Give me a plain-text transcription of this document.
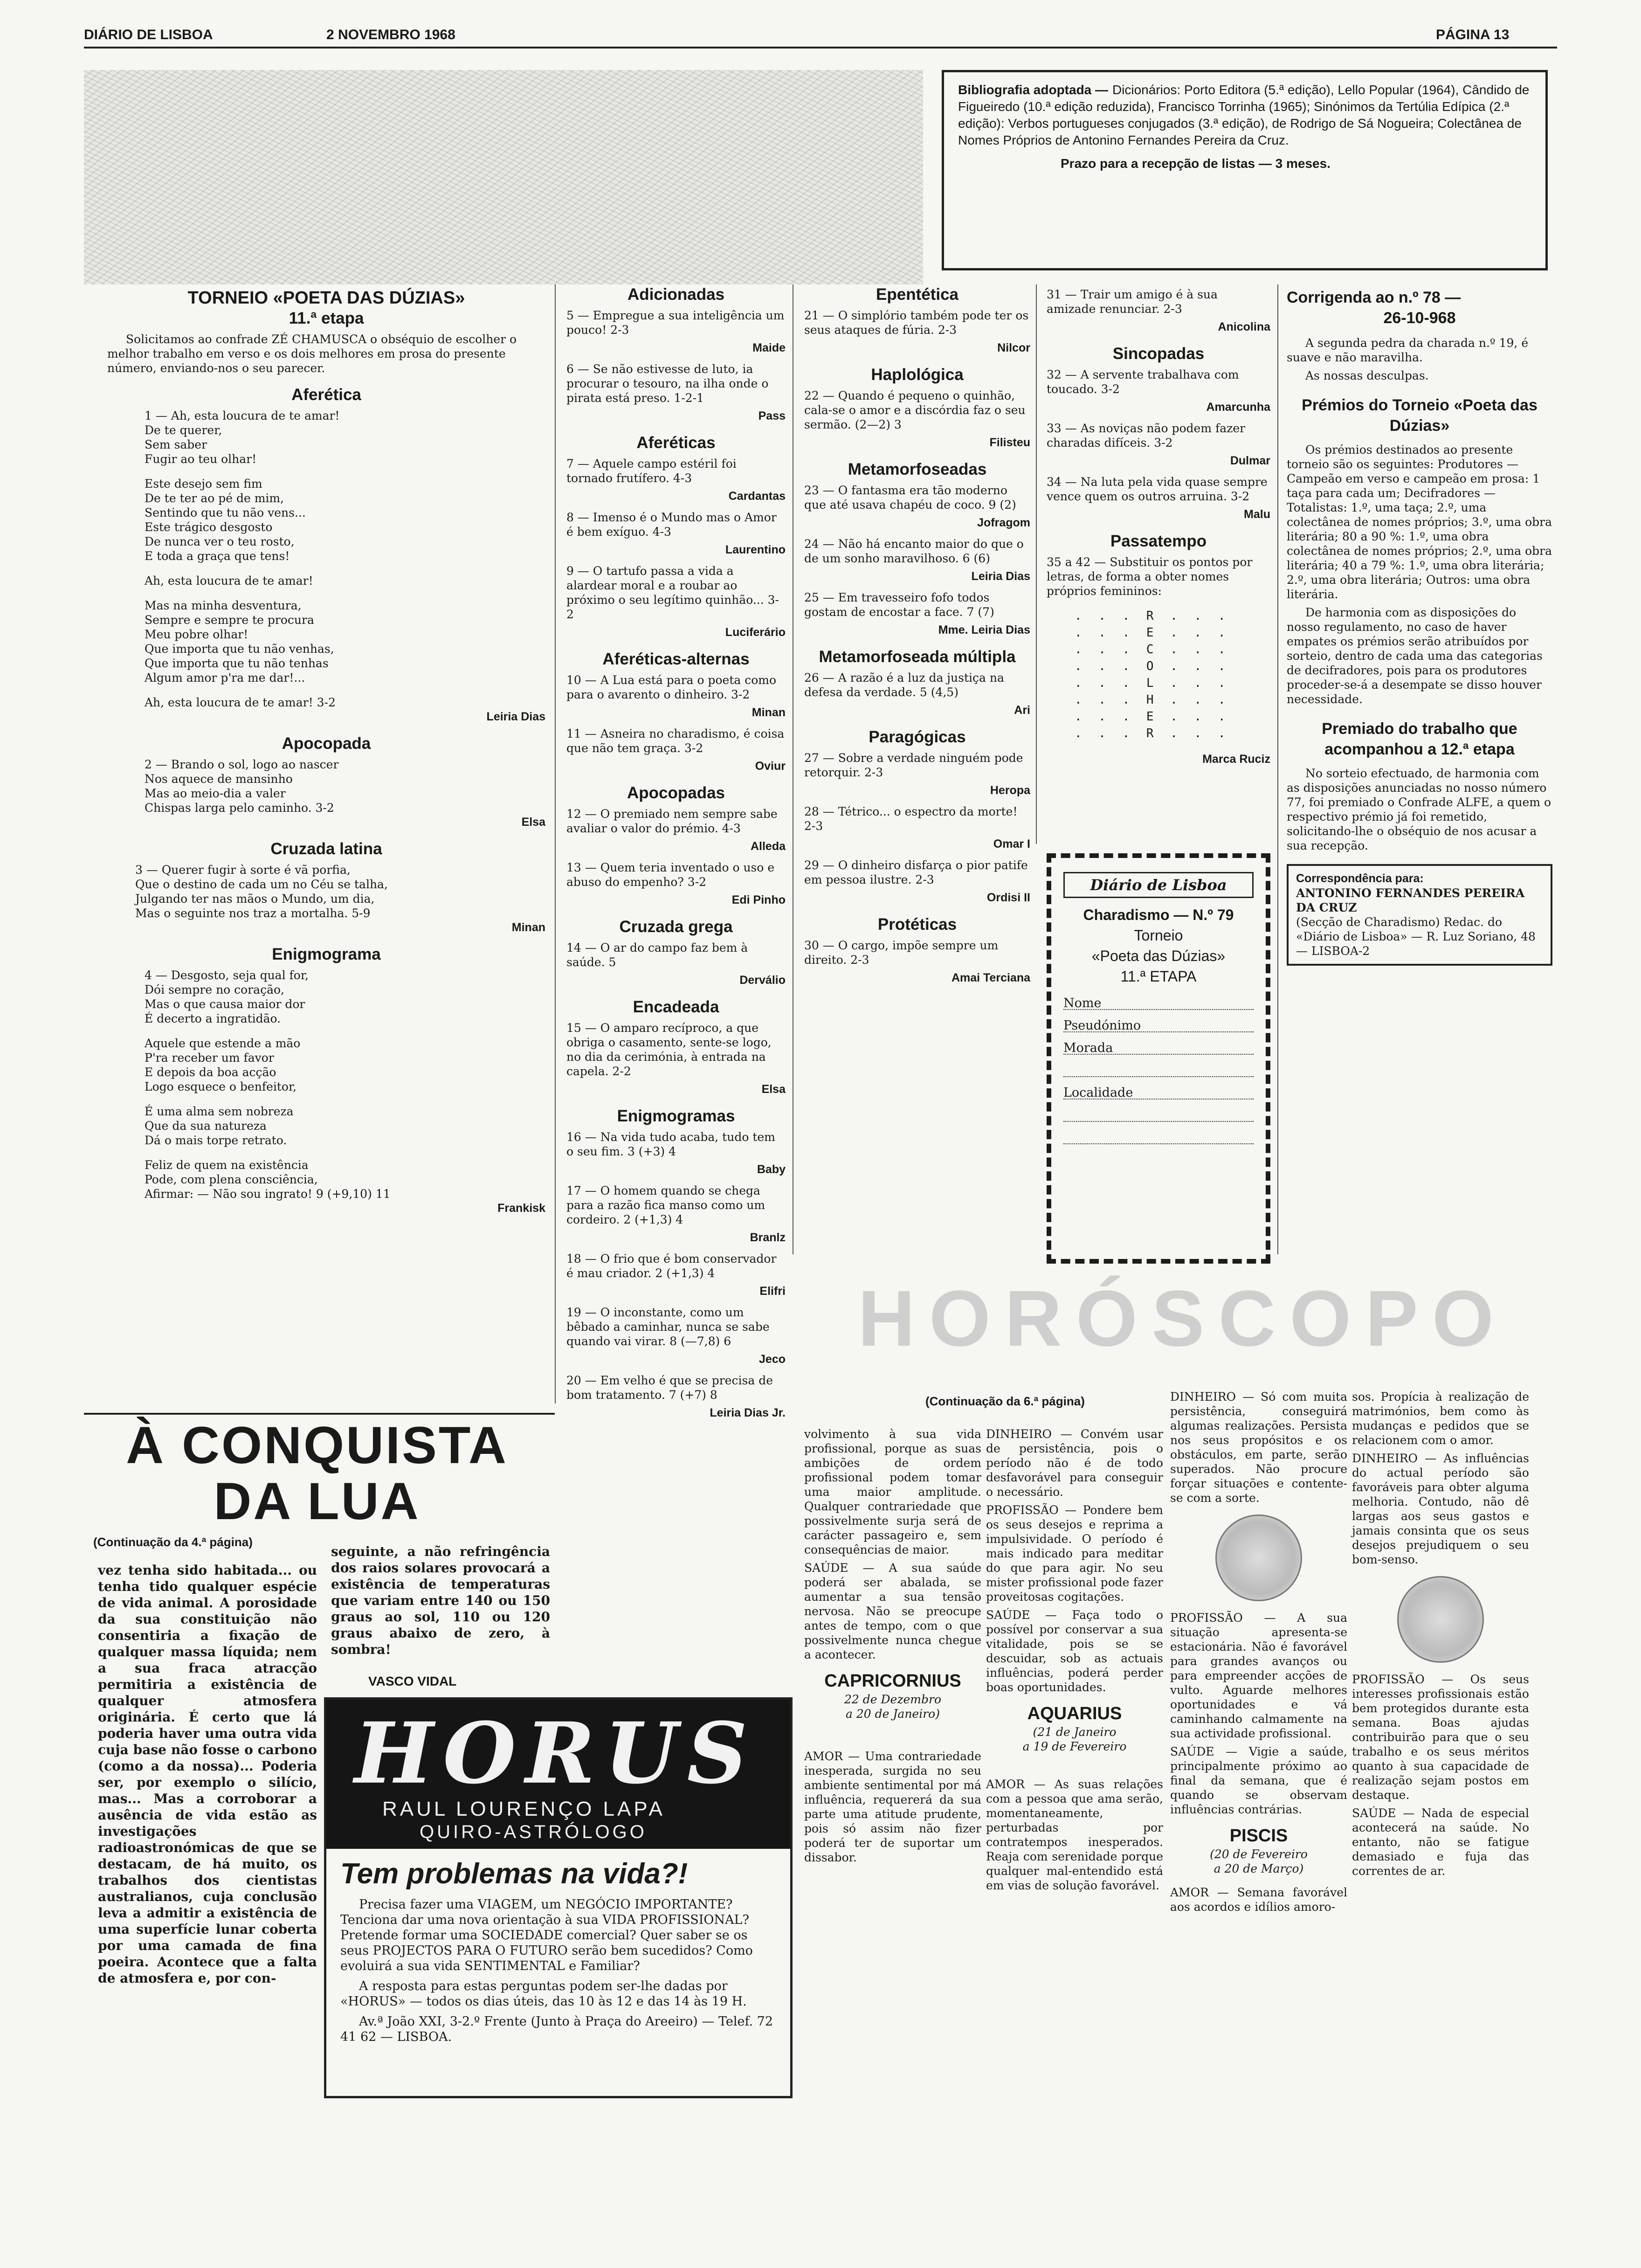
DIÁRIO DE LISBOA	2 NOVEMBRO 1968	PÁGINA 13
Bibliografia adoptada — Dicionários: Porto Editora (5.ª edição), Lello Popular (1964), Cândido de Figueiredo (10.ª edição reduzida), Francisco Torrinha (1965); Sinónimos da Tertúlia Edípica (2.ª edição): Verbos portugueses conjugados (3.ª edição), de Rodrigo de Sá Nogueira; Colectânea de Nomes Próprios de Antonino Fernandes Pereira da Cruz.
Prazo para a recepção de listas — 3 meses.
TORNEIO «POETA DAS DÚZIAS»
11.ª etapa

Solicitamos ao confrade ZÉ CHAMUSCA o obséquio de escolher o melhor trabalho em verso e os dois melhores em prosa do presente número, enviando-nos o seu parecer.

Aferética
1 — Ah, esta loucura de te amar!
De te querer,
Sem saber
Fugir ao teu olhar!
Este desejo sem fim
De te ter ao pé de mim,
Sentindo que tu não vens...
Este trágico desgosto
De nunca ver o teu rosto,
E toda a graça que tens!
Ah, esta loucura de te amar!
Mas na minha desventura,
Sempre e sempre te procura
Meu pobre olhar!
Que importa que tu não venhas,
Que importa que tu não tenhas
Algum amor p'ra me dar!...
Ah, esta loucura de te amar! 3-2
Leiria Dias
Apocopada
2 — Brando o sol, logo ao nascer
Nos aquece de mansinho
Mas ao meio-dia a valer
Chispas larga pelo caminho. 3-2
Elsa
Cruzada latina
3 — Querer fugir à sorte é vã porfia,
Que o destino de cada um no Céu se talha,
Julgando ter nas mãos o Mundo, um dia,
Mas o seguinte nos traz a mortalha. 5-9
Minan
Enigmograma
4 — Desgosto, seja qual for,
Dói sempre no coração,
Mas o que causa maior dor
É decerto a ingratidão.
Aquele que estende a mão
P'ra receber um favor
E depois da boa acção
Logo esquece o benfeitor,
É uma alma sem nobreza
Que da sua natureza
Dá o mais torpe retrato.
Feliz de quem na existência
Pode, com plena consciência,
Afirmar: — Não sou ingrato! 9 (+9,10) 11
Frankisk
Adicionadas

5 — Empregue a sua inteligência um pouco! 2-3

Maide

6 — Se não estivesse de luto, ia procurar o tesouro, na ilha onde o pirata está preso. 1-2-1

Pass
Aferéticas

7 — Aquele campo estéril foi tornado frutífero. 4-3

Cardantas

8 — Imenso é o Mundo mas o Amor é bem exíguo. 4-3

Laurentino

9 — O tartufo passa a vida a alardear moral e a roubar ao próximo o seu legítimo quinhão... 3-2

Luciferário
Aferéticas-alternas

10 — A Lua está para o poeta como para o avarento o dinheiro. 3-2

Minan

11 — Asneira no charadismo, é coisa que não tem graça. 3-2

Oviur
Apocopadas

12 — O premiado nem sempre sabe avaliar o valor do prémio. 4-3

Alleda

13 — Quem teria inventado o uso e abuso do empenho? 3-2

Edi Pinho
Cruzada grega

14 — O ar do campo faz bem à saúde. 5

Derválio
Encadeada

15 — O amparo recíproco, a que obriga o casamento, sente-se logo, no dia da cerimónia, à entrada na capela. 2-2

Elsa
Enigmogramas

16 — Na vida tudo acaba, tudo tem o seu fim. 3 (+3) 4

Baby

17 — O homem quando se chega para a razão fica manso como um cordeiro. 2 (+1,3) 4

Branlz

18 — O frio que é bom conservador é mau criador. 2 (+1,3) 4

Elifri

19 — O inconstante, como um bêbado a caminhar, nunca se sabe quando vai virar. 8 (—7,8) 6

Jeco

20 — Em velho é que se precisa de bom tratamento. 7 (+7) 8

Leiria Dias Jr.
Epentética

21 — O simplório também pode ter os seus ataques de fúria. 2-3

Nilcor
Haplológica

22 — Quando é pequeno o quinhão, cala-se o amor e a discórdia faz o seu sermão. (2—2) 3

Filisteu
Metamorfoseadas

23 — O fantasma era tão moderno que até usava chapéu de coco. 9 (2)

Jofragom

24 — Não há encanto maior do que o de um sonho maravilhoso. 6 (6)

Leiria Dias

25 — Em travesseiro fofo todos gostam de encostar a face. 7 (7)

Mme. Leiria Dias
Metamorfoseada múltipla

26 — A razão é a luz da justiça na defesa da verdade. 5 (4,5)

Ari
Paragógicas

27 — Sobre a verdade ninguém pode retorquir. 2-3

Heropa

28 — Tétrico... o espectro da morte! 2-3

Omar I

29 — O dinheiro disfarça o pior patife em pessoa ilustre. 2-3

Ordisi II
Protéticas

30 — O cargo, impõe sempre um direito. 2-3

Amai Terciana

31 — Trair um amigo é à sua amizade renunciar. 2-3

Anicolina
Sincopadas

32 — A servente trabalhava com toucado. 3-2

Amarcunha

33 — As noviças não podem fazer charadas difíceis. 3-2

Dulmar

34 — Na luta pela vida quase sempre vence quem os outros arruina. 3-2

Malu
Passatempo

35 a 42 — Substituir os pontos por letras, de forma a obter nomes próprios femininos:

. . . R . . .
. . . E . . .
. . . C . . .
. . . O . . .
. . . L . . .
. . . H . . .
. . . E . . .
. . . R . . .
Marca Ruciz
Diário de Lisboa
Charadismo — N.º 79
Torneio
«Poeta das Dúzias»
11.ª ETAPA
Nome
Pseudónimo
Morada
Localidade
Corrigenda ao n.º 78 —
26-10-968

A segunda pedra da charada n.º 19, é suave e não maravilha.

As nossas desculpas.

Prémios do Torneio «Poeta das Dúzias»

Os prémios destinados ao presente torneio são os seguintes: Produtores — Campeão em verso e campeão em prosa: 1 taça para cada um; Decifradores — Totalistas: 1.º, uma taça; 2.º, uma colectânea de nomes próprios; 3.º, uma obra literária; 80 a 90 %: 1.º, uma obra colectânea de nomes próprios; 2.º, uma obra literária; 40 a 79 %: 1.º, uma obra literária; 2.º, uma obra literária; Outros: uma obra literária.

De harmonia com as disposições do nosso regulamento, no caso de haver empates os prémios serão atribuídos por sorteio, dentro de cada uma das categorias de decifradores, pois para os produtores proceder-se-á a desempate se disso houver necessidade.

Premiado do trabalho que acompanhou a 12.ª etapa

No sorteio efectuado, de harmonia com as disposições anunciadas no nosso número 77, foi premiado o Confrade ALFE, a quem o respectivo prémio já foi remetido, solicitando-lhe o obséquio de nos acusar a sua recepção.

Correspondência para:
ANTONINO FERNANDES PEREIRA DA CRUZ
(Secção de Charadismo) Redac. do «Diário de Lisboa» — R. Luz Soriano, 48 — LISBOA-2
À CONQUISTA
DA LUA
(Continuação da 4.ª página)
vez tenha sido habitada... ou tenha tido qualquer espécie de vida animal. A porosidade da sua constituição não consentiria a fixação de qualquer massa líquida; nem a sua fraca atracção permitiria a existência de qualquer atmosfera originária. É certo que lá poderia haver uma outra vida cuja base não fosse o carbono (como a da nossa)... Poderia ser, por exemplo o silício, mas... Mas a corroborar a ausência de vida estão as investigações radioastronómicas de que se destacam, de há muito, os trabalhos dos cientistas australianos, cuja conclusão leva a admitir a existência de uma superfície lunar coberta por uma camada de fina poeira. Acontece que a falta de atmosfera e, por con-
seguinte, a não refringência dos raios solares provocará a existência de temperaturas que variam entre 140 ou 150 graus ao sol, 110 ou 120 graus abaixo de zero, à sombra!
VASCO VIDAL
HORUS
RAUL LOURENÇO LAPA
QUIRO-ASTRÓLOGO
Tem problemas na vida?!

Precisa fazer uma VIAGEM, um NEGÓCIO IMPORTANTE? Tenciona dar uma nova orientação à sua VIDA PROFISSIONAL? Pretende formar uma SOCIEDADE comercial? Quer saber se os seus PROJECTOS PARA O FUTURO serão bem sucedidos? Como evoluirá a sua vida SENTIMENTAL e Familiar?

A resposta para estas perguntas podem ser-lhe dadas por «HORUS» — todos os dias úteis, das 10 às 12 e das 14 às 19 H.

Av.ª João XXI, 3-2.º Frente (Junto à Praça do Areeiro) — Telef. 72 41 62 — LISBOA.

HORÓSCOPO
(Continuação da 6.ª página)

volvimento à sua vida profissional, porque as suas ambições de ordem profissional podem tomar uma maior amplitude. Qualquer contrariedade que possivelmente surja será de carácter passageiro e, sem consequências de maior.

SAÚDE — A sua saúde poderá ser abalada, se aumentar a sua tensão nervosa. Não se preocupe antes de tempo, com o que possivelmente nunca chegue a acontecer.

CAPRICORNIUS
22 de Dezembro
a 20 de Janeiro)

AMOR — Uma contrariedade inesperada, surgida no seu ambiente sentimental por má influência, requererá da sua parte uma atitude prudente, pois só assim não fizer poderá ter de suportar um dissabor.

DINHEIRO — Convém usar de persistência, pois o período não é de todo desfavorável para conseguir o necessário.

PROFISSÃO — Pondere bem os seus desejos e reprima a impulsividade. O período é mais indicado para meditar do que para agir. No seu mister profissional pode fazer proveitosas cogitações.

SAÚDE — Faça todo o possível por conservar a sua vitalidade, pois se se descuidar, sob as actuais influências, poderá perder boas oportunidades.

AQUARIUS
(21 de Janeiro
a 19 de Fevereiro

AMOR — As suas relações com a pessoa que ama serão, momentaneamente, perturbadas por contratempos inesperados. Reaja com serenidade porque qualquer mal-entendido está em vias de solução favorável.

DINHEIRO — Só com muita persistência, conseguirá algumas realizações. Persista nos seus propósitos e os obstáculos, em parte, serão superados. Não procure forçar situações e contente-se com a sorte.

PROFISSÃO — A sua situação apresenta-se estacionária. Não é favorável para grandes avanços ou para empreender acções de vulto. Aguarde melhores oportunidades e vá caminhando calmamente na sua actividade profissional.

SAÚDE — Vigie a saúde, principalmente próximo ao final da semana, que é quando se observam influências contrárias.

PISCIS
(20 de Fevereiro
a 20 de Março)

AMOR — Semana favorável aos acordos e idílios amoro-

sos. Propícia à realização de matrimónios, bem como às mudanças e pedidos que se relacionem com o amor.

DINHEIRO — As influências do actual período são favoráveis para obter alguma melhoria. Contudo, não dê largas aos seus gastos e jamais consinta que os seus desejos prejudiquem o seu bom-senso.

PROFISSÃO — Os seus interesses profissionais estão bem protegidos durante esta semana. Boas ajudas contribuirão para que o seu trabalho e os seus méritos quanto à sua capacidade de realização sejam postos em destaque.

SAÚDE — Nada de especial acontecerá na saúde. No entanto, não se fatigue demasiado e fuja das correntes de ar.
